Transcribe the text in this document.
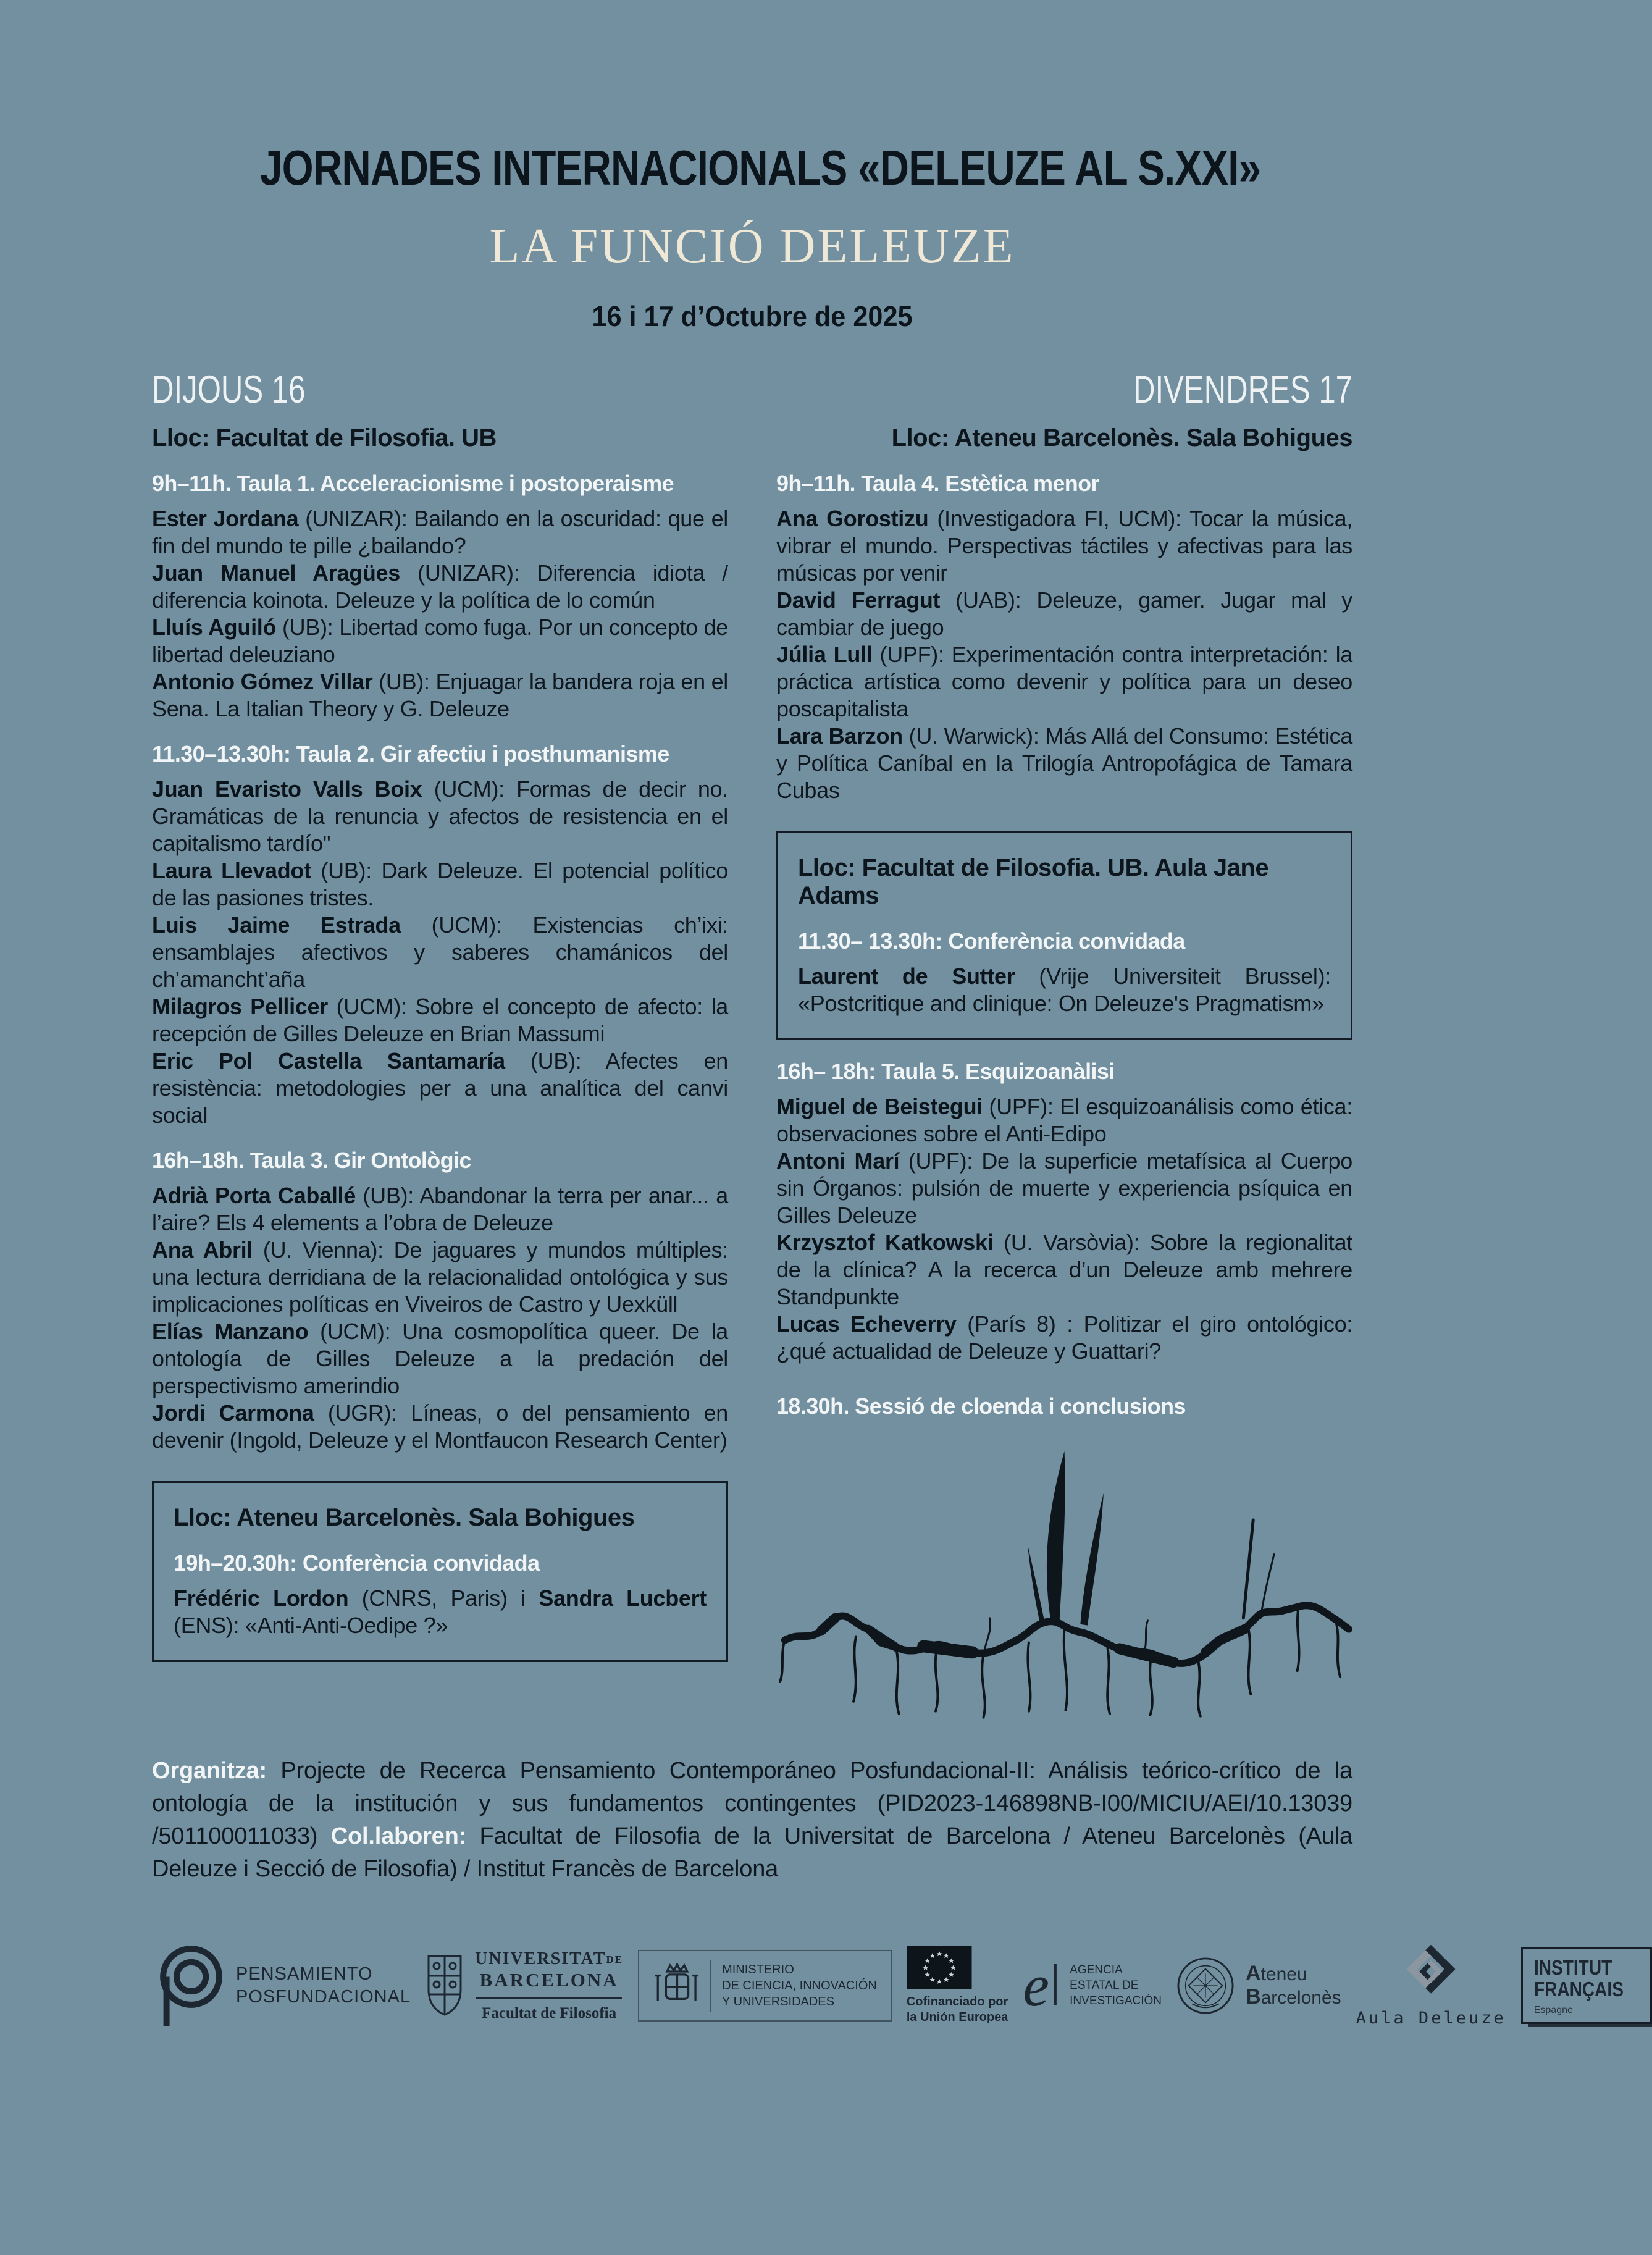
JORNADES INTERNACIONALS «DELEUZE AL S.XXI»
LA FUNCIÓ DELEUZE
16 i 17 d’Octubre de 2025
DIJOUS 16
Lloc: Facultat de Filosofia. UB
9h–11h. Taula 1. Acceleracionisme i postoperaisme

Ester Jordana (UNIZAR): Bailando en la oscuridad: que el fin del mundo te pille ¿bailando?

Juan Manuel Aragües (UNIZAR): Diferencia idiota / diferencia koinota. Deleuze y la política de lo común

Lluís Aguiló (UB): Libertad como fuga. Por un concepto de libertad deleuziano

Antonio Gómez Villar (UB): Enjuagar la bandera roja en el Sena. La Italian Theory y G. Deleuze

11.30–13.30h: Taula 2. Gir afectiu i posthumanisme

Juan Evaristo Valls Boix (UCM): Formas de decir no. Gramáticas de la renuncia y afectos de resistencia en el capitalismo tardío"

Laura Llevadot (UB): Dark Deleuze. El potencial político de las pasiones tristes.

Luis Jaime Estrada (UCM): Existencias ch’ixi: ensamblajes afectivos y saberes chamánicos del ch’amancht’aña

Milagros Pellicer (UCM): Sobre el concepto de afecto: la recepción de Gilles Deleuze en Brian Massumi

Eric Pol Castella Santamaría (UB): Afectes en resistència: metodologies per a una analítica del canvi social

16h–18h. Taula 3. Gir Ontològic

Adrià Porta Caballé (UB): Abandonar la terra per anar... a l’aire? Els 4 elements a l’obra de Deleuze

Ana Abril (U. Vienna): De jaguares y mundos múltiples: una lectura derridiana de la relacionalidad ontológica y sus implicaciones políticas en Viveiros de Castro y Uexküll

Elías Manzano (UCM): Una cosmopolítica queer. De la ontología de Gilles Deleuze a la predación del perspectivismo amerindio

Jordi Carmona (UGR): Líneas, o del pensamiento en devenir (Ingold, Deleuze y el Montfaucon Research Center)

Lloc: Ateneu Barcelonès. Sala Bohigues
19h–20.30h: Conferència convidada

Frédéric Lordon (CNRS, Paris) i Sandra Lucbert (ENS): «Anti-Anti-Oedipe ?»

DIVENDRES 17
Lloc: Ateneu Barcelonès. Sala Bohigues
9h–11h. Taula 4. Estètica menor

Ana Gorostizu (Investigadora FI, UCM): Tocar la música, vibrar el mundo. Perspectivas táctiles y afectivas para las músicas por venir

David Ferragut (UAB): Deleuze, gamer. Jugar mal y cambiar de juego

Júlia Lull (UPF): Experimentación contra interpretación: la práctica artística como devenir y política para un deseo poscapitalista

Lara Barzon (U. Warwick): Más Allá del Consumo: Estética y Política Caníbal en la Trilogía Antropofágica de Tamara Cubas

Lloc: Facultat de Filosofia. UB. Aula Jane Adams
11.30– 13.30h: Conferència convidada

Laurent de Sutter (Vrije Universiteit Brussel): «Postcritique and clinique: On Deleuze's Pragmatism»

16h– 18h: Taula 5. Esquizoanàlisi

Miguel de Beistegui (UPF): El esquizoanálisis como ética: observaciones sobre el Anti-Edipo

Antoni Marí (UPF): De la superficie metafísica al Cuerpo sin Órganos: pulsión de muerte y experiencia psíquica en Gilles Deleuze

Krzysztof Katkowski (U. Varsòvia): Sobre la regionalitat de la clínica? A la recerca d’un Deleuze amb mehrere Standpunkte

Lucas Echeverry (París 8) : Politizar el giro ontológico: ¿qué actualidad de Deleuze y Guattari?

18.30h. Sessió de cloenda i conclusions

Organitza: Projecte de Recerca Pensamiento Contemporáneo Posfundacional-II: Análisis teórico-crítico de la ontología de la institución y sus fundamentos contingentes (PID2023-146898NB-I00/MICIU/AEI/10.13039 /501100011033) Col.laboren: Facultat de Filosofia de la Universitat de Barcelona / Ateneu Barcelonès (Aula Deleuze i Secció de Filosofia) / Institut Francès de Barcelona

PENSAMIENTO
POSFUNDACIONAL
UNIVERSITATDE
BARCELONA
Facultat de Filosofia
MINISTERIO
DE CIENCIA, INNOVACIÓN
Y UNIVERSIDADES	Cofinanciado por
la Unión Europea eǀ AGENCIA
ESTATAL DE
INVESTIGACIÓN
Ateneu
Barcelonès
Aula Deleuze
INSTITUT
FRANÇAIS
Espagne
